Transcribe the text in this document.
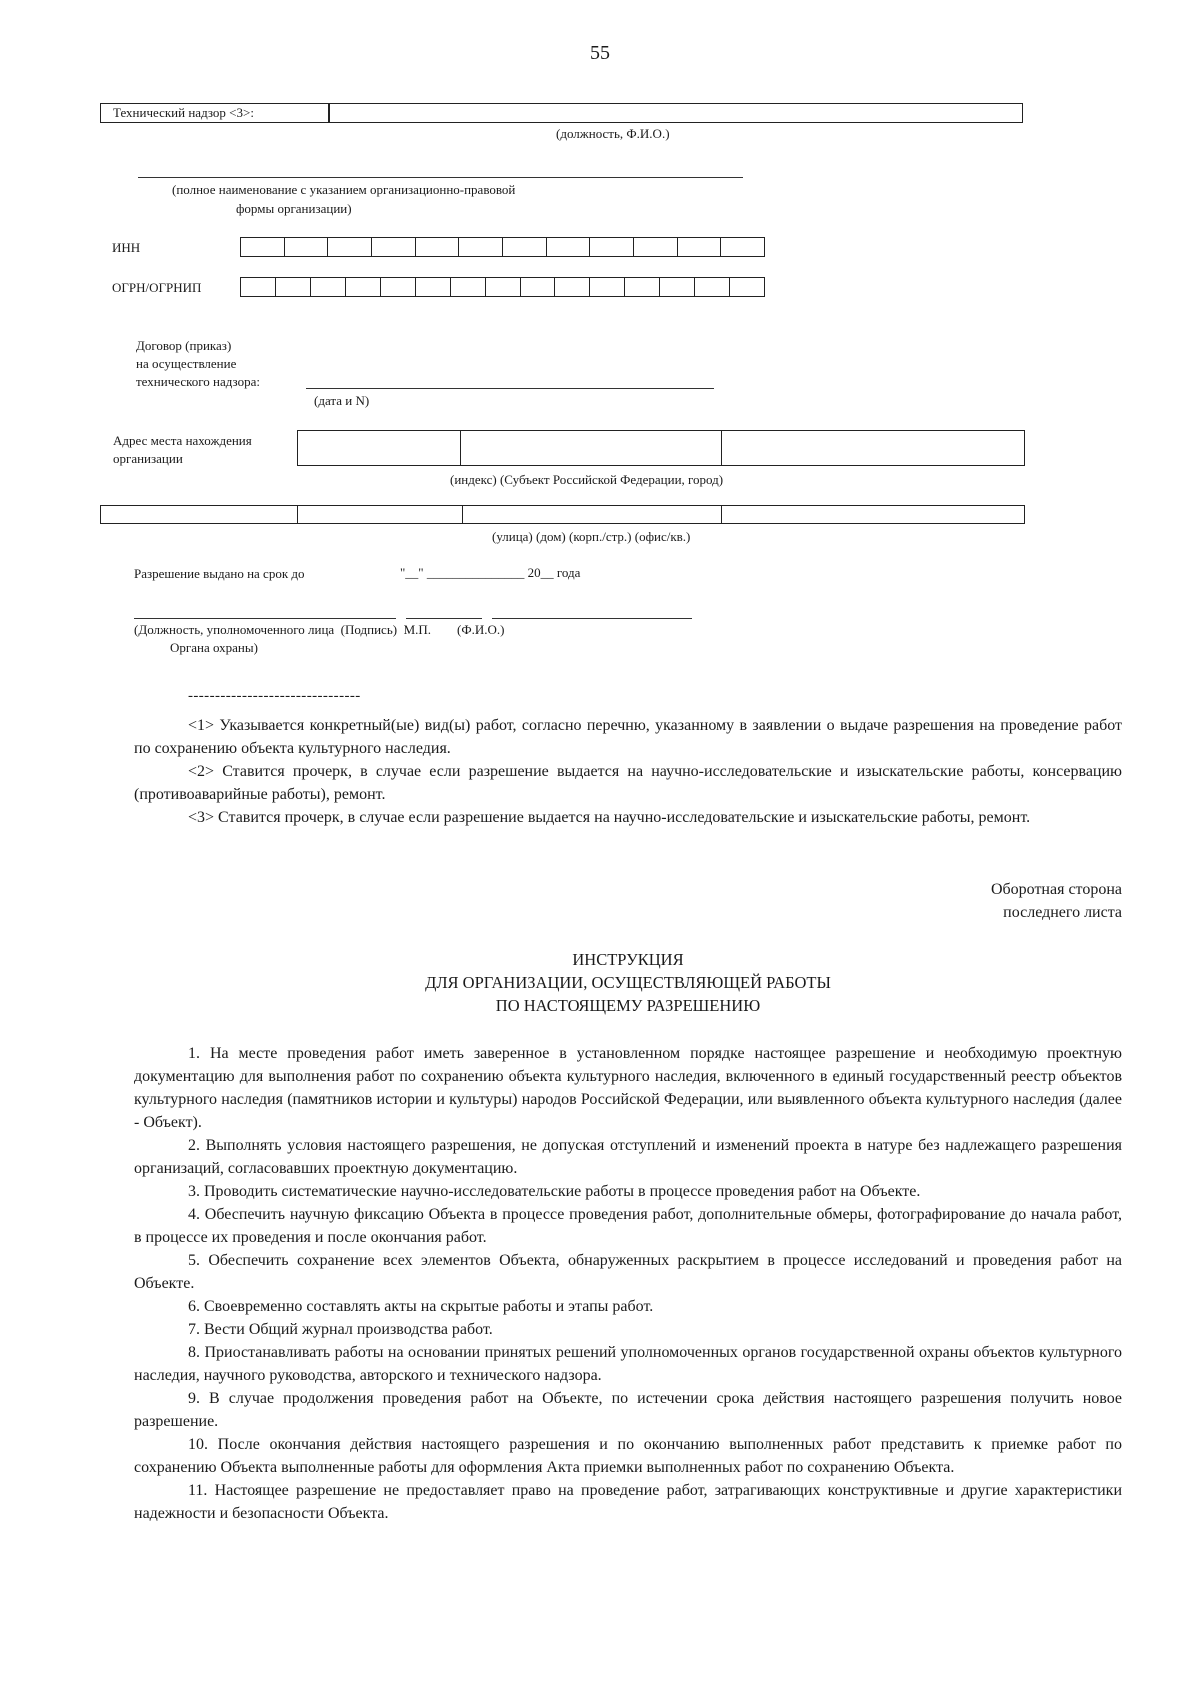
55
Технический надзор <3>:
(должность, Ф.И.О.)
(полное наименование с указанием организационно-правовой
формы организации)
ИНН
ОГРН/ОГРНИП
Договор (приказ)
на осуществление
технического надзора:
(дата и N)
Адрес места нахождения
организации
(индекс) (Субъект Российской Федерации, город)
(улица) (дом) (корп./стр.) (офис/кв.)
Разрешение выдано на срок до	"__" _______________ 20__ года
(Должность, уполномоченного лица  (Подпись)  М.П.        (Ф.И.О.)
Органа охраны)
--------------------------------

<1> Указывается конкретный(ые) вид(ы) работ, согласно перечню, указанному в заявлении о выдаче разрешения на проведение работ по сохранению объекта культурного наследия.

<2> Ставится прочерк, в случае если разрешение выдается на научно-исследовательские и изыскательские работы, консервацию (противоаварийные работы), ремонт.

<3> Ставится прочерк, в случае если разрешение выдается на научно-исследовательские и изыскательские работы, ремонт.

Оборотная сторона
последнего листа
ИНСТРУКЦИЯ
ДЛЯ ОРГАНИЗАЦИИ, ОСУЩЕСТВЛЯЮЩЕЙ РАБОТЫ
ПО НАСТОЯЩЕМУ РАЗРЕШЕНИЮ

1. На месте проведения работ иметь заверенное в установленном порядке настоящее разрешение и необходимую проектную документацию для выполнения работ по сохранению объекта культурного наследия, включенного в единый государственный реестр объектов культурного наследия (памятников истории и культуры) народов Российской Федерации, или выявленного объекта культурного наследия (далее - Объект).

2. Выполнять условия настоящего разрешения, не допуская отступлений и изменений проекта в натуре без надлежащего разрешения организаций, согласовавших проектную документацию.

3. Проводить систематические научно-исследовательские работы в процессе проведения работ на Объекте.

4. Обеспечить научную фиксацию Объекта в процессе проведения работ, дополнительные обмеры, фотографирование до начала работ, в процессе их проведения и после окончания работ.

5. Обеспечить сохранение всех элементов Объекта, обнаруженных раскрытием в процессе исследований и проведения работ на Объекте.

6. Своевременно составлять акты на скрытые работы и этапы работ.

7. Вести Общий журнал производства работ.

8. Приостанавливать работы на основании принятых решений уполномоченных органов государственной охраны объектов культурного наследия, научного руководства, авторского и технического надзора.

9. В случае продолжения проведения работ на Объекте, по истечении срока действия настоящего разрешения получить новое разрешение.

10. После окончания действия настоящего разрешения и по окончанию выполненных работ представить к приемке работ по сохранению Объекта выполненные работы для оформления Акта приемки выполненных работ по сохранению Объекта.

11. Настоящее разрешение не предоставляет право на проведение работ, затрагивающих конструктивные и другие характеристики надежности и безопасности Объекта.
